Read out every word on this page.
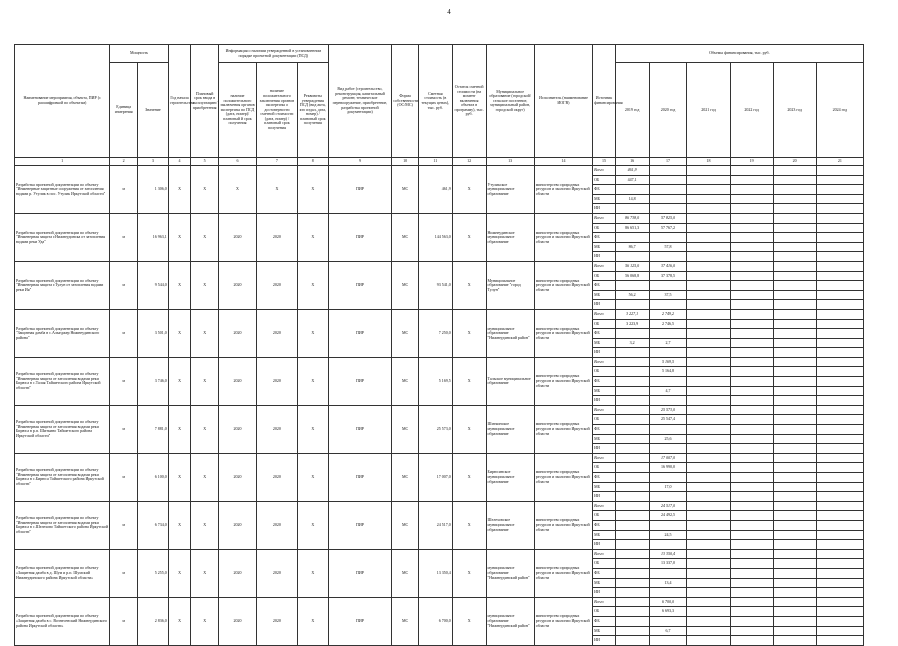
4
Наименование мероприятия, объекта, ПИР (с расшифровкой по объектам)	Мощность		Год начала строительства	Плановый срок ввода в эксплуатацию/приобретения	Информация о наличии утвержденной в установленном порядке проектной документации (ПСД)			Вид работ (строительство, реконструкция, капитальный ремонт, техническое перевооружение, приобретение, разработка проектной документации)	Форма собственности (ОС/МС)	Сметная стоимость (в текущих ценах), тыс. руб.	Остаток сметной стоимости (на момент включения объекта в программу), тыс. руб.	Муниципальное образование (городской/сельское поселение, муниципальный район, городской округ)	Исполнитель (наименование ИОГВ)	Источник финансирования	Объемы финансирования, тыс. руб.					
	Единица измерения	Значение			наличие положительного заключения органов экспертизы по ПСД (дата, номер)/плановый й срок получения	наличие положительного заключения органов экспертизы о достоверности сметной стоимости (дата, номер) / плановый срок получения	Реквизиты утверждения ПСД (вид акта, кто издал, дата, номер) / плановый срок получения								2019 год	2020 год	2021 год	2022 год	2023 год	2024 год
1	2	3	4	5	6	7	8	9	10	11	12	13	14	15	16	17	18	19	20	21
Разработка проектной документации по объекту "Инженерные защитные сооружения от затопления водами р. Утулик в пос. Утулик Иркутской области"	м	1 306,0	X	X	X	X	X	ПИР	МС	461,9	X	Утуликское муниципальное образование	министерство природных ресурсов и экологии Иркутской области	Всего	461,9					
														ОБ	447,1					
														ФБ						
														МБ	14,8					
														ИИ						
Разработка проектной документации по объекту "Инженерная защита г.Нижнеудинска от затопления водами реки Уда"	м	16 963,1	X	X	2020	2020	X	ПИР	МС	144 563,0	X	Нижнеудинское муниципальное образование	министерство природных ресурсов и экологии Иркутской области	Всего	86 738,0	57 825,0				
														ОБ	86 651,3	57 767,2				
														ФБ						
														МБ	86,7	57,8				
														ИИ						
Разработка проектной документации по объекту "Инженерная защита г.Тулун от затопления водами реки Ия"	м	9 544,0	X	X	2020	2020	X	ПИР	МС	93 541,0	X	Муниципальное образование "город Тулун"	министерство природных ресурсов и экологии Иркутской области	Всего	56 125,0	37 416,0				
														ОБ	56 068,8	37 378,5				
														ФБ						
														МБ	56,2	37,5				
														ИИ						
Разработка проектной документации по объекту "Защитная дамба в с.Алыгджер Нижнеудинского района"	м	3 501,0	X	X	2020	2020	X	ПИР	МС	7 250,0	X	муниципальное образование "Нижнеудинский район"	министерство природных ресурсов и экологии Иркутской области	Всего	3 227,1	2 749,2				
														ОБ	3 223,9	2 746,5				
														ФБ						
														МБ	3,2	2,7				
														ИИ						
Разработка проектной документации по объекту "Инженерная защита от затопления водами реки Бирюса в с.Талая Тайшетского района Иркутской области"	м	3 746,0	X	X	2020	2020	X	ПИР	МС	5 169,5	X	Тальское муниципальное образование	министерство природных ресурсов и экологии Иркутской области	Всего		5 169,5				
														ОБ		5 164,8				
														ФБ						
														МБ		4,7				
														ИИ						
Разработка проектной документации по объекту "Инженерная защита от затопления водами реки Бирюса в р.п. Шиткино Тайшетского района Иркутской области"	м	7 881,0	X	X	2020	2020	X	ПИР	МС	25 573,0	X	Шиткинское муниципальное образование	министерство природных ресурсов и экологии Иркутской области	Всего		25 573,0				
														ОБ		25 547,4				
														ФБ						
														МБ		25,6				
														ИИ						
Разработка проектной документации по объекту "Инженерная защита от затопления водами реки Бирюса в с.Бирюса Тайшетского района Иркутской области"	м	6 100,0	X	X	2020	2020	X	ПИР	МС	17 007,0	X	Бирюсинское муниципальное образование	министерство природных ресурсов и экологии Иркутской области	Всего		17 007,0				
														ОБ		16 990,0				
														ФБ						
														МБ		17,0				
														ИИ						
Разработка проектной документации по объекту "Инженерная защита от затопления водами реки Бирюса в с.Шелехово Тайшетского района Иркутской области"	м	6 734,0	X	X	2020	2020	X	ПИР	МС	24 517,0	X	Шелеховское муниципальное образование	министерство природных ресурсов и экологии Иркутской области	Всего		24 517,0				
														ОБ		24 492,5				
														ФБ						
														МБ		24,5				
														ИИ						
Разработка проектной документации по объекту «Защитная дамба в д. Шум и р.п. Шумский Нижнеудинского района Иркутской области»	м	5 255,0	X	X	2020	2020	X	ПИР	МС	13 350,4	X	муниципальное образование "Нижнеудинский район"	министерство природных ресурсов и экологии Иркутской области	Всего		13 350,4				
														ОБ		13 337,0				
														ФБ						
														МБ		13,4				
														ИИ						
Разработка проектной документации по объекту «Защитная дамба в с. Вознесенский Нижнеудинского района Иркутской области»	м	2 836,0	X	X	2020	2020	X	ПИР	МС	6 700,0	X	муниципальное образование "Нижнеудинский район"	министерство природных ресурсов и экологии Иркутской области	Всего		6 700,0				
														ОБ		6 693,3				
														ФБ						
														МБ		6,7				
														ИИ						
